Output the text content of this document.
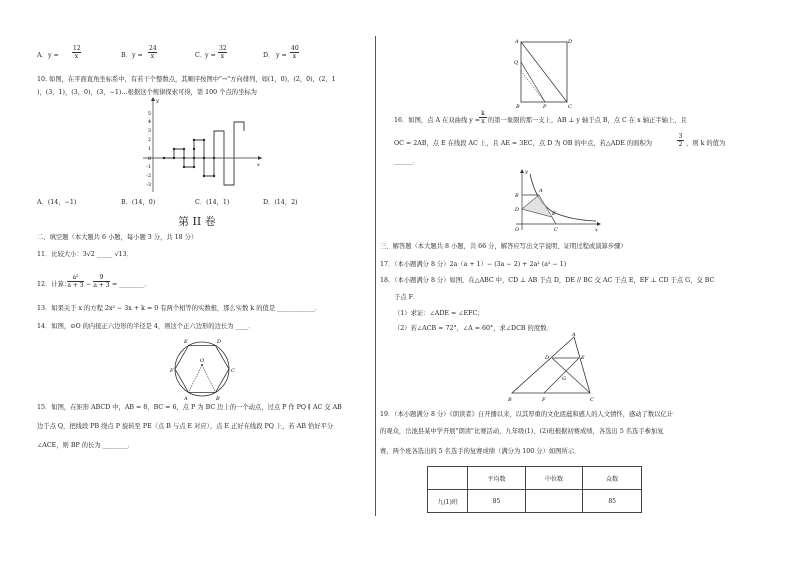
A． $y = \frac{12}{x}$	B． $y = \frac{24}{x}$	C．
$y = \frac{32}{x}$	D． $y = \frac{40}{x}$
10. 如图，在平面直角坐标系中，有若干个整数点，其顺序按图中"→"方向排列，如(1，0)，(2，0)，(2，1
)，(3，1)，(3，0)，(3，−1)…根据这个规律探索可得，第 100 个点的坐标为
y
x
5
4
3
2
1
0
-1
-2
-3
A．(14，−1)	B．(14，0)	C．(14，1)	D．(14，2)
第 II 卷
二、填空题（本大题共 6 小题，每小题 3 分，共 18 分）
11．比较大小：3√2 _____ √13．
12．计算：
$\frac{\text{a²}}{a + 3} - \frac{9}{a + 3}$ = ________．
13．如果关于 x 的方程 2x² − 3x + k = 0 有两个相等的实数根，那么实数 k 的值是 ____________．
14．如图，⊙O 的内接正六边形的半径是 4，则这个正六边形的边长为 ____．
E	D
O
F	C
A	B
15．如图，在矩形 ABCD 中，AB = 8，BC = 6，点 P 为 BC 边上的一个动点，过点 P 作 PQ ∥ AC 交 AB
边于点 Q，把线段 PB 绕点 P 旋转至 PE（点 B 与点 E 对应），点 E 正好在线段 PQ 上，若 AB 恰好平分
∠ACE，则 BP 的长为 ________．
A	D
Q
B	P	C
16．如图，点 A 在双曲线 y =
$\frac{k}{x}$ 的第一象限的那一支上，AB ⊥ y 轴于点 B，点 C 在 x 轴正半轴上，且
OC = 2AB，点 E 在线段 AC 上，且 AE = 3EC，点 D 为 OB 的中点，若△ADE 的面积为	$\frac{3}{2}$ ，则 k 的值为
______．
y
B
A
E
D
O	C	x
三、解答题（本大题共 8 小题，共 66 分，解答应写出文字说明、证明过程或演算步骤）
17．（本小题满分 8 分）2a（a + 1）− (3a − 2) + 2a² (a² − 1)
18．（本小题满分 8 分）如图，在△ABC 中，CD ⊥ AB 于点 D，DE // BC 交 AC 于点 E，EF ⊥ CD 于点 G，交 BC
于点 F．
（1）求证：∠ADE = ∠EFC；
（2）若∠ACB = 72°，∠A = 60°，求∠DCB 的度数．
A
D	E
G
B	F	C
19．（本小题满分 8 分）《朗读者》自开播以来，以其厚重的文化底蕴和感人的人文情怀，感动了数以亿计
的观众，岳池县某中学开展"朗读"比赛活动，九年级(1)、(2)班根据初赛成绩，各选出 5 名选手参加复
赛，两个班各选出的 5 名选手的复赛成绩（满分为 100 分）如图所示．
	平均数	中位数	众数
九(1)班	85		85
